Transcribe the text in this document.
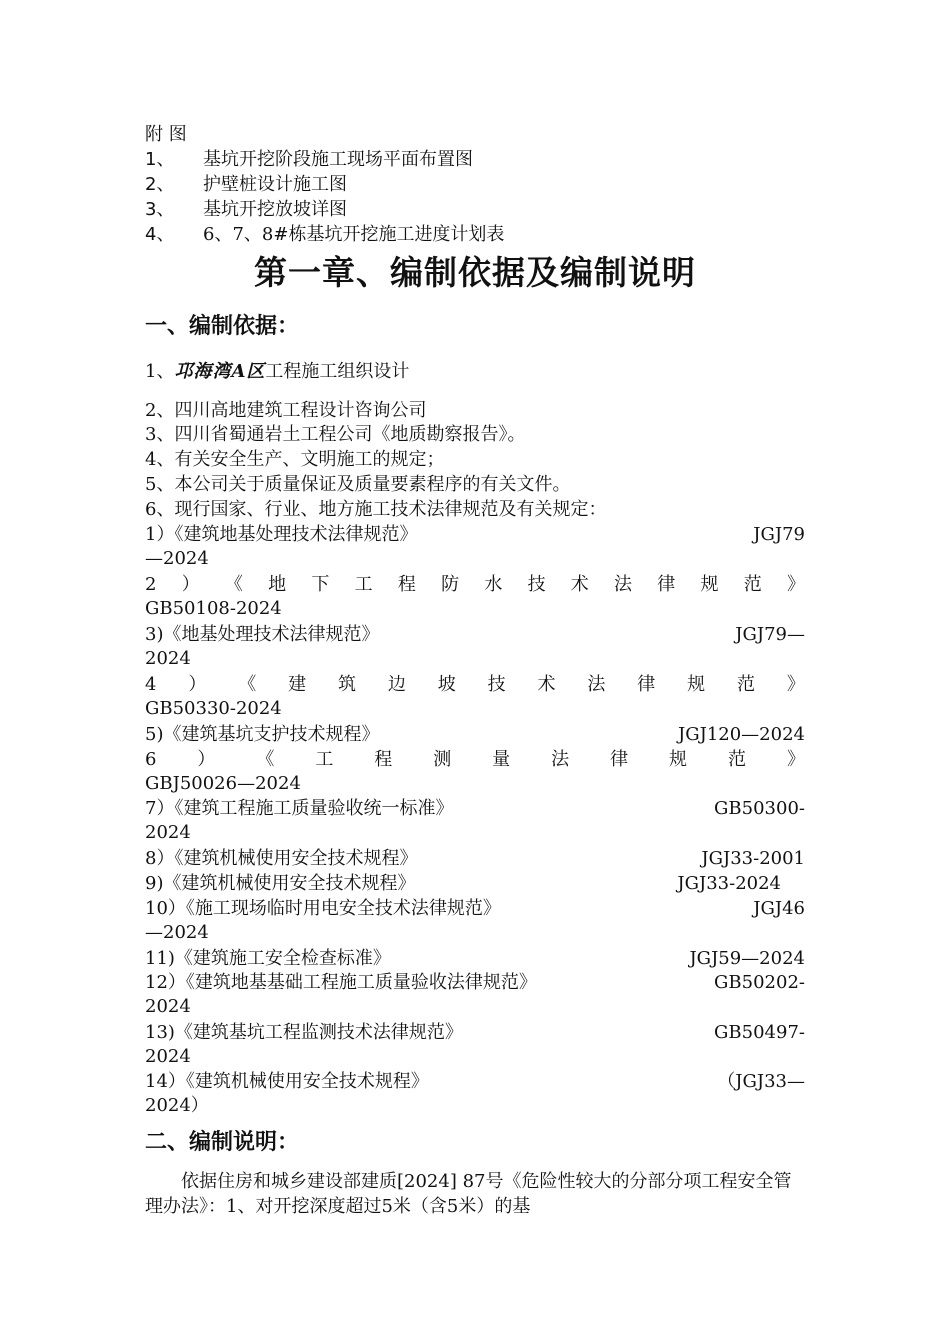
附 图
1、 基坑开挖阶段施工现场平面布置图
2、 护壁桩设计施工图
3、 基坑开挖放坡详图
4、 6、7、8#栋基坑开挖施工进度计划表
第一章、编制依据及编制说明
一、编制依据：
1、邛海湾A区工程施工组织设计
2、四川高地建筑工程设计咨询公司
3、四川省蜀通岩土工程公司《地质勘察报告》。
4、有关安全生产、文明施工的规定；
5、本公司关于质量保证及质量要素程序的有关文件。
6、现行国家、行业、地方施工技术法律规范及有关规定：
1）《建筑地基处理技术法律规范》	JGJ79
—2024
2 ） 《 地 下 工 程 防 水 技 术 法 律 规 范 》
GB50108-2024
3)《地基处理技术法律规范》	JGJ79—
2024
4 ） 《 建 筑 边 坡 技 术 法 律 规 范 》
GB50330-2024
5)《建筑基坑支护技术规程》	JGJ120—2024
6 ） 《 工 程 测 量 法 律 规 范 》
GBJ50026—2024
7）《建筑工程施工质量验收统一标准》	GB50300-
2024
8）《建筑机械使用安全技术规程》	JGJ33-2001
9)《建筑机械使用安全技术规程》	JGJ33-2024
10）《施工现场临时用电安全技术法律规范》	JGJ46
—2024
11)《建筑施工安全检查标准》	JGJ59—2024
12）《建筑地基基础工程施工质量验收法律规范》	GB50202-
2024
13)《建筑基坑工程监测技术法律规范》	GB50497-
2024
14）《建筑机械使用安全技术规程》	（JGJ33—
2024）
二、编制说明：
依据住房和城乡建设部建质[2024] 87号《危险性较大的分部分项工程安全管理办法》：1、对开挖深度超过5米（含5米）的基
